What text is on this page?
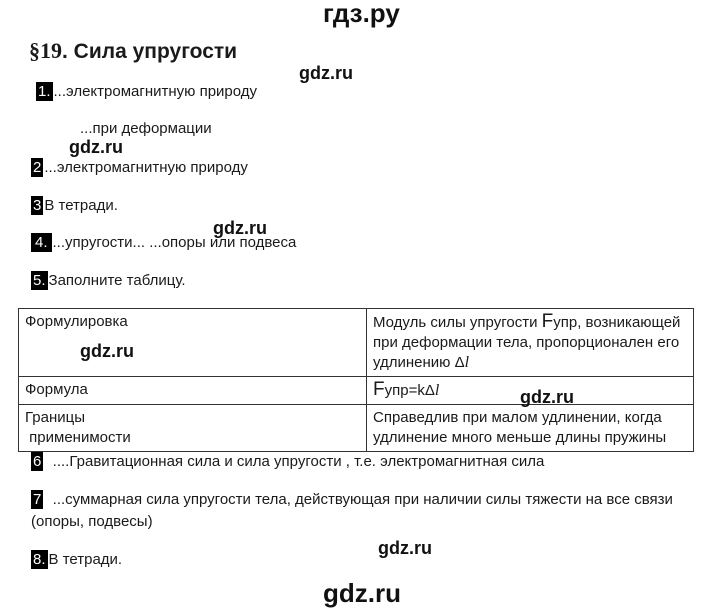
гдз.ру
§19. Сила упругости
gdz.ru
1. ...электромагнитную природу
...при деформации
gdz.ru
2 ...электромагнитную природу
3 В тетради.
gdz.ru
4. ...упругости... ...опоры или подвеса
5. Заполните таблицу.
Формулировка	Модуль силы упругости Fупр, возникающей
при деформации тела, пропорционален его
удлинению Δl
Формула	Fупр=kΔl
Границы
применимости	Справедлив при малом удлинении, когда
удлинение много меньше длины пружины
gdz.ru
gdz.ru
6 ....Гравитационная сила и сила упругости , т.е. электромагнитная сила
7 ...суммарная сила упругости тела, действующая при наличии силы тяжести на все связи
(опоры, подвесы)
gdz.ru
8. В тетради.
gdz.ru
